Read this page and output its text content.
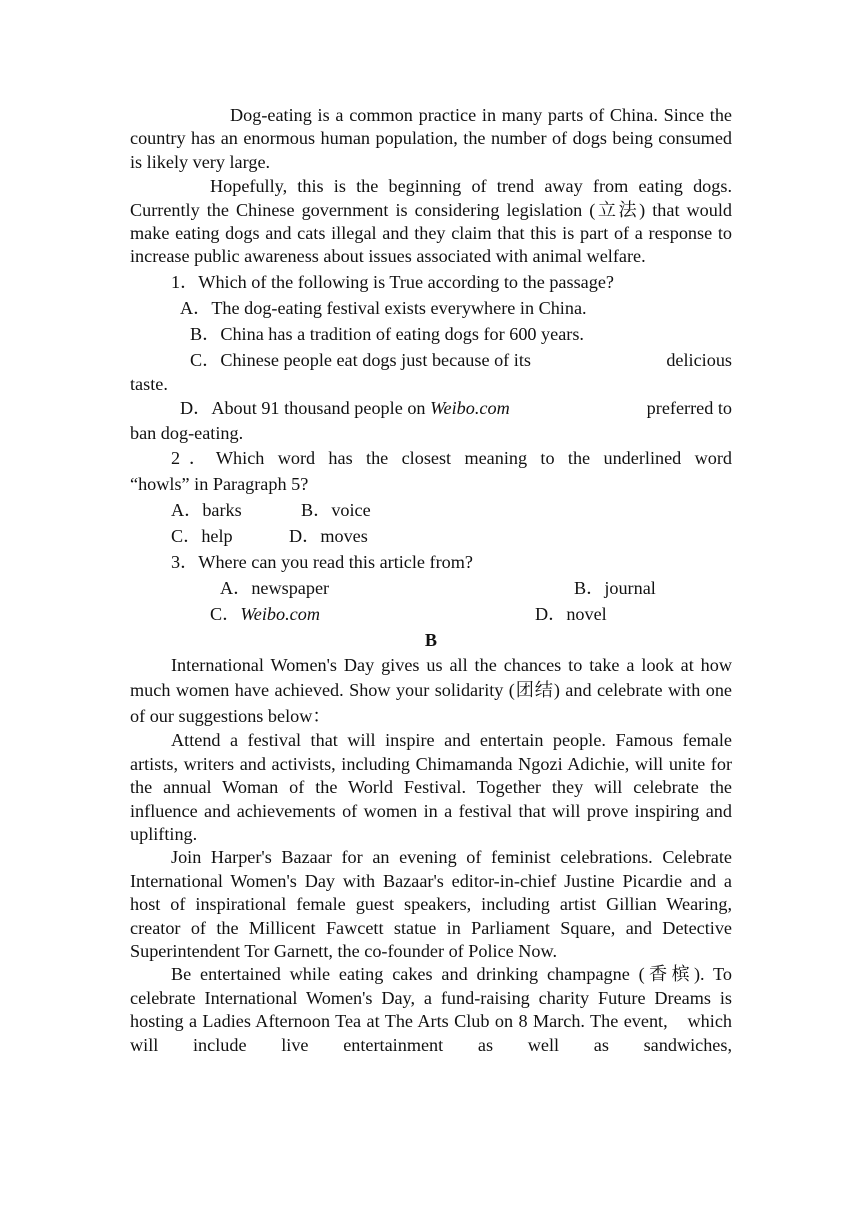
Dog-eating is a common practice in many parts of China. Since the country has an enormous human population, the number of dogs being consumed is likely very large.

Hopefully, this is the beginning of trend away from eating dogs. Currently the Chinese government is considering legislation (立法) that would make eating dogs and cats illegal and they claim that this is part of a response to increase public awareness about issues associated with animal welfare.

1．Which of the following is True according to the passage?

A．The dog-eating festival exists everywhere in China.

B．China has a tradition of eating dogs for 600 years.

C．Chinese people eat dogs just because of its	delicious

taste.

D．About 91 thousand people on Weibo.com	preferred to

ban dog-eating.

2．Which word has the closest meaning to the underlined word

“howls” in Paragraph 5?

A．barks	B．voice
C．help	D．moves

3．Where can you read this article from?

A．newspaper	B．journal
C．Weibo.com	D．novel

B

International Women's Day gives us all the chances to take a look at how much women have achieved. Show your solidarity (团结) and celebrate with one of our suggestions below：

Attend a festival that will inspire and entertain people. Famous female artists, writers and activists, including Chimamanda Ngozi Adichie, will unite for the annual Woman of the World Festival. Together they will celebrate the influence and achievements of women in a festival that will prove inspiring and uplifting.

Join Harper's Bazaar for an evening of feminist celebrations. Celebrate International Women's Day with Bazaar's editor-in-chief Justine Picardie and a host of inspirational female guest speakers, including artist Gillian Wearing, creator of the Millicent Fawcett statue in Parliament Square, and Detective Superintendent Tor Garnett, the co-founder of Police Now.

Be entertained while eating cakes and drinking champagne (香槟). To celebrate International Women's Day, a fund-raising charity Future Dreams is hosting a Ladies Afternoon Tea at The Arts Club on 8 March. The event,　which will include live entertainment as well as sandwiches,
